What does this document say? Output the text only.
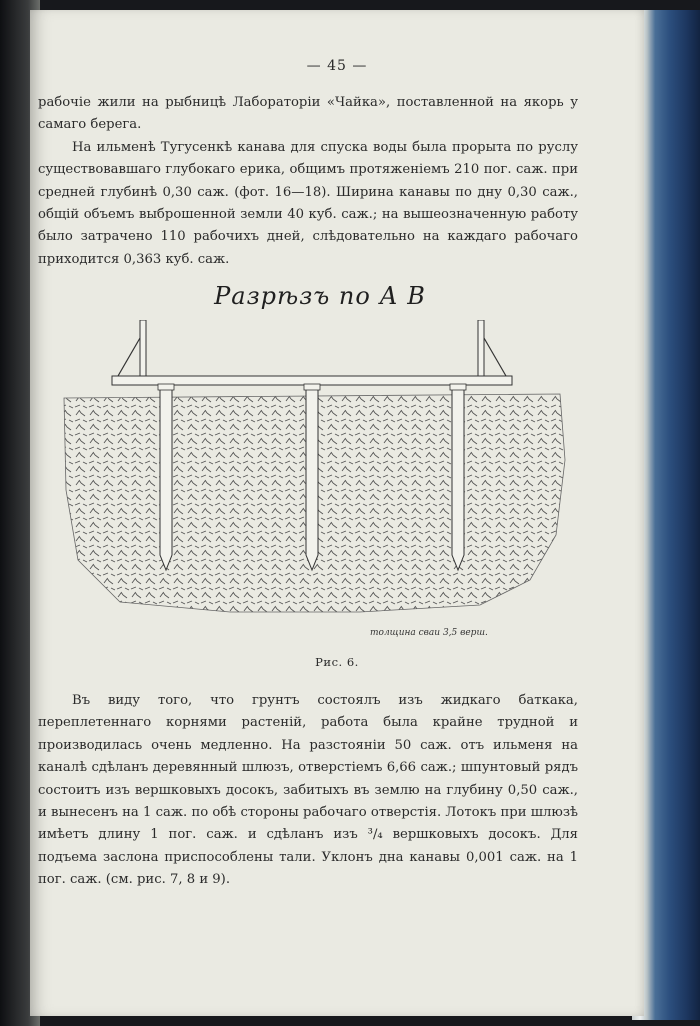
— 45 —

рабочіе жили на рыбницѣ Лабораторіи «Чайка», поставленной на якорь у самаго берега.

На ильменѣ Тугусенкѣ канава для спуска воды была прорыта по руслу существовавшаго глубокаго ерика, общимъ протяженіемъ 210 пог. саж. при средней глубинѣ 0,30 саж. (фот. 16—18). Ширина канавы по дну 0,30 саж., общій объемъ выброшенной земли 40 куб. саж.; на вышеозначенную работу было затрачено 110 рабочихъ дней, слѣдовательно на каждаго рабочаго приходится 0,363 куб. саж.

Разрѣзъ по А В
толщина сваи 3,5 верш.
Рис. 6.

Въ виду того, что грунтъ состоялъ изъ жидкаго баткака, переплетеннаго корнями растеній, работа была крайне трудной и производилась очень медленно. На разстояніи 50 саж. отъ ильменя на каналѣ сдѣланъ деревянный шлюзъ, отверстіемъ 6,66 саж.; шпунтовый рядъ состоитъ изъ вершковыхъ досокъ, забитыхъ въ землю на глубину 0,50 саж., и вынесенъ на 1 саж. по обѣ стороны рабочаго отверстія. Лотокъ при шлюзѣ имѣетъ длину 1 пог. саж. и сдѣланъ изъ ³/₄ вершковыхъ досокъ. Для подъема заслона приспособлены тали. Уклонъ дна канавы 0,001 саж. на 1 пог. саж. (см. рис. 7, 8 и 9).
